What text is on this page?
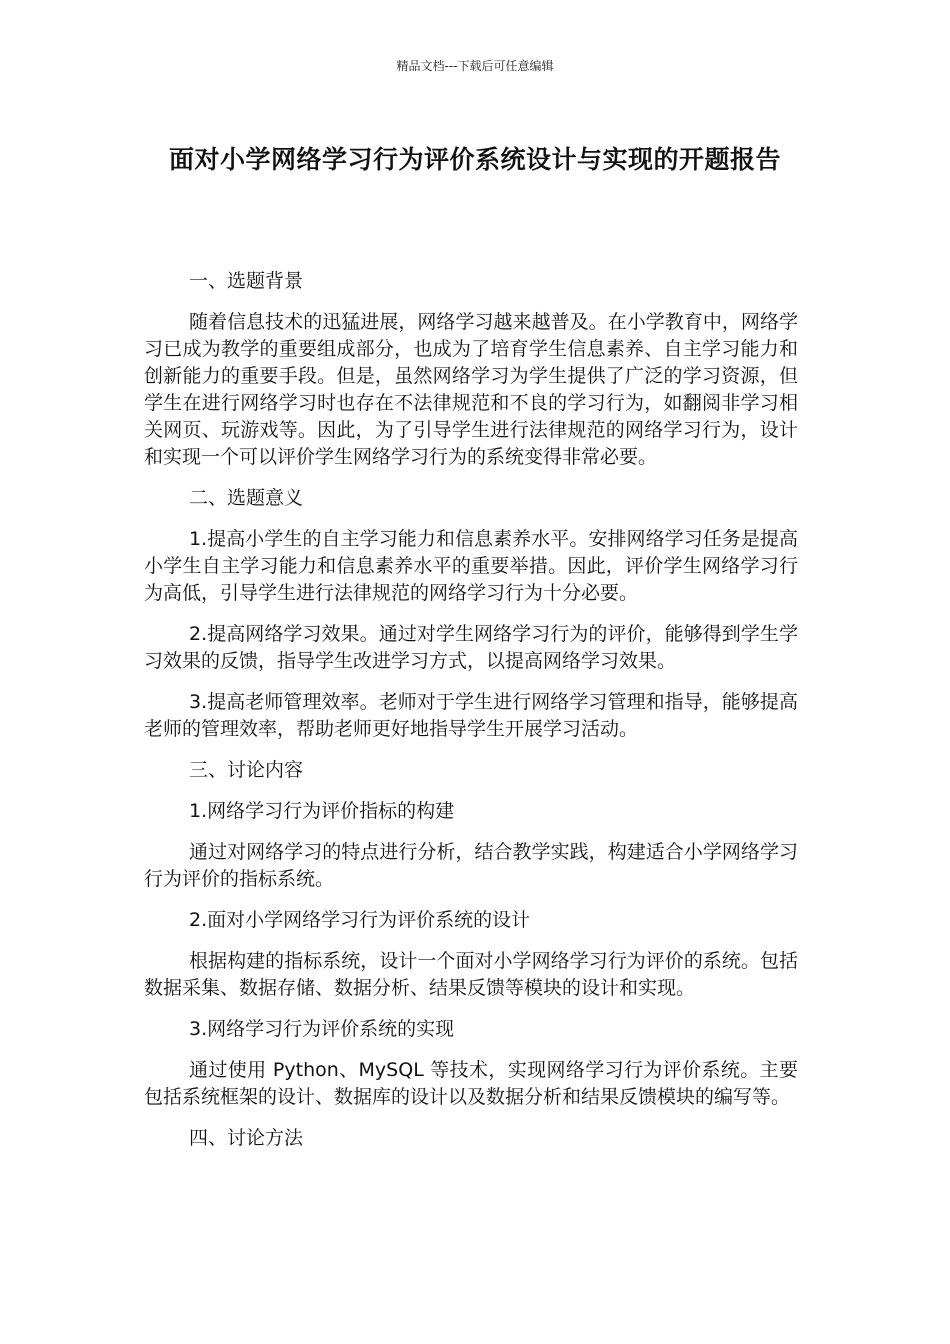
精品文档---下载后可任意编辑
面对小学网络学习行为评价系统设计与实现的开题报告

一、选题背景

随着信息技术的迅猛进展，网络学习越来越普及。在小学教育中，网络学习已成为教学的重要组成部分，也成为了培育学生信息素养、自主学习能力和创新能力的重要手段。但是，虽然网络学习为学生提供了广泛的学习资源，但学生在进行网络学习时也存在不法律规范和不良的学习行为，如翻阅非学习相关网页、玩游戏等。因此，为了引导学生进行法律规范的网络学习行为，设计和实现一个可以评价学生网络学习行为的系统变得非常必要。

二、选题意义

1.提高小学生的自主学习能力和信息素养水平。安排网络学习任务是提高小学生自主学习能力和信息素养水平的重要举措。因此，评价学生网络学习行为高低，引导学生进行法律规范的网络学习行为十分必要。

2.提高网络学习效果。通过对学生网络学习行为的评价，能够得到学生学习效果的反馈，指导学生改进学习方式，以提高网络学习效果。

3.提高老师管理效率。老师对于学生进行网络学习管理和指导，能够提高老师的管理效率，帮助老师更好地指导学生开展学习活动。

三、讨论内容

1.网络学习行为评价指标的构建

通过对网络学习的特点进行分析，结合教学实践，构建适合小学网络学习行为评价的指标系统。

2.面对小学网络学习行为评价系统的设计

根据构建的指标系统，设计一个面对小学网络学习行为评价的系统。包括数据采集、数据存储、数据分析、结果反馈等模块的设计和实现。

3.网络学习行为评价系统的实现

通过使用 Python、MySQL 等技术，实现网络学习行为评价系统。主要包括系统框架的设计、数据库的设计以及数据分析和结果反馈模块的编写等。

四、讨论方法
